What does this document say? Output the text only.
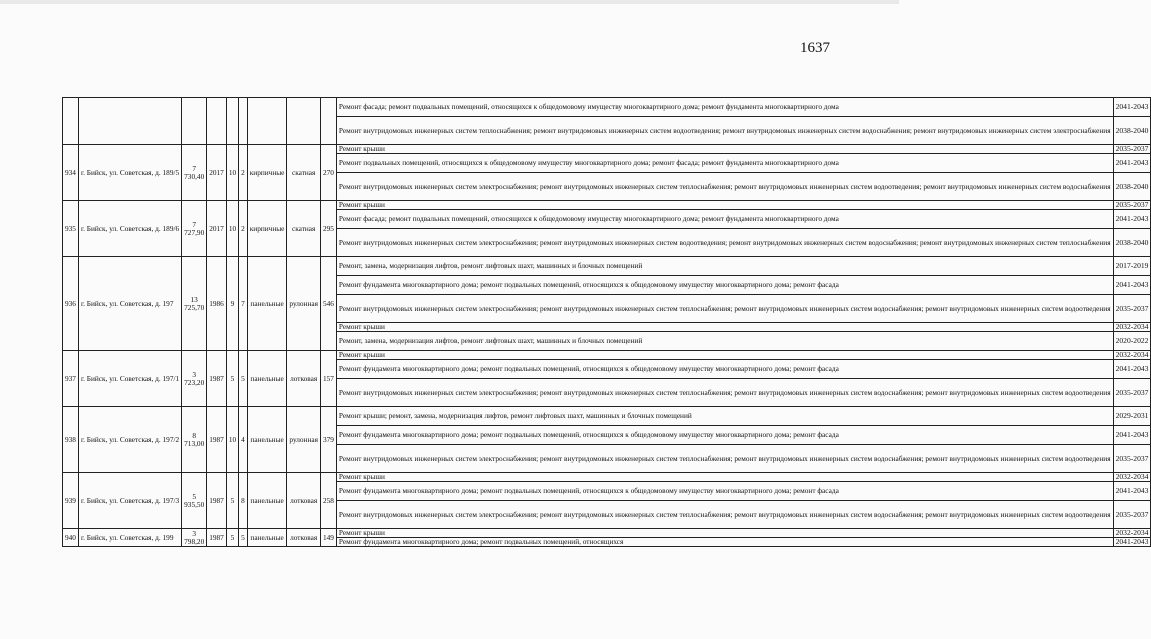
1637
									Ремонт фасада; ремонт подвальных помещений, относящихся к общедомовому имуществу многоквартирного дома; ремонт фундамента многоквартирного дома	2041-2043
									Ремонт внутридомовых инженерных систем теплоснабжения; ремонт внутридомовых инженерных систем водоотведения; ремонт внутридомовых инженерных систем водоснабжения; ремонт внутридомовых инженерных систем электроснабжения	2038-2040
934	г. Бийск, ул. Советская, д. 189/5	7 730,40	2017	10	2	кирпичные	скатная	270	Ремонт крыши	2035-2037
									Ремонт подвальных помещений, относящихся к общедомовому имуществу многоквартирного дома; ремонт фасада; ремонт фундамента многоквартирного дома	2041-2043
									Ремонт внутридомовых инженерных систем электроснабжения; ремонт внутридомовых инженерных систем теплоснабжения; ремонт внутридомовых инженерных систем водоотведения; ремонт внутридомовых инженерных систем водоснабжения	2038-2040
935	г. Бийск, ул. Советская, д. 189/6	7 727,90	2017	10	2	кирпичные	скатная	295	Ремонт крыши	2035-2037
									Ремонт фасада; ремонт подвальных помещений, относящихся к общедомовому имуществу многоквартирного дома; ремонт фундамента многоквартирного дома	2041-2043
									Ремонт внутридомовых инженерных систем электроснабжения; ремонт внутридомовых инженерных систем водоотведения; ремонт внутридомовых инженерных систем водоснабжения; ремонт внутридомовых инженерных систем теплоснабжения	2038-2040
936	г. Бийск, ул. Советская, д. 197	13 725,70	1986	9	7	панельные	рулонная	546	Ремонт, замена, модернизация лифтов, ремонт лифтовых шахт, машинных и блочных помещений	2017-2019
									Ремонт фундамента многоквартирного дома; ремонт подвальных помещений, относящихся к общедомовому имуществу многоквартирного дома; ремонт фасада	2041-2043
									Ремонт внутридомовых инженерных систем электроснабжения; ремонт внутридомовых инженерных систем теплоснабжения; ремонт внутридомовых инженерных систем водоснабжения; ремонт внутридомовых инженерных систем водоотведения	2035-2037
									Ремонт крыши	2032-2034
									Ремонт, замена, модернизация лифтов, ремонт лифтовых шахт, машинных и блочных помещений	2020-2022
937	г. Бийск, ул. Советская, д. 197/1	3 723,20	1987	5	5	панельные	лотковая	157	Ремонт крыши	2032-2034
									Ремонт фундамента многоквартирного дома; ремонт подвальных помещений, относящихся к общедомовому имуществу многоквартирного дома; ремонт фасада	2041-2043
									Ремонт внутридомовых инженерных систем электроснабжения; ремонт внутридомовых инженерных систем теплоснабжения; ремонт внутридомовых инженерных систем водоснабжения; ремонт внутридомовых инженерных систем водоотведения	2035-2037
938	г. Бийск, ул. Советская, д. 197/2	8 713,00	1987	10	4	панельные	рулонная	379	Ремонт крыши; ремонт, замена, модернизация лифтов, ремонт лифтовых шахт, машинных и блочных помещений	2029-2031
									Ремонт фундамента многоквартирного дома; ремонт подвальных помещений, относящихся к общедомовому имуществу многоквартирного дома; ремонт фасада	2041-2043
									Ремонт внутридомовых инженерных систем электроснабжения; ремонт внутридомовых инженерных систем теплоснабжения; ремонт внутридомовых инженерных систем водоснабжения; ремонт внутридомовых инженерных систем водоотведения	2035-2037
939	г. Бийск, ул. Советская, д. 197/3	5 935,50	1987	5	8	панельные	лотковая	258	Ремонт крыши	2032-2034
									Ремонт фундамента многоквартирного дома; ремонт подвальных помещений, относящихся к общедомовому имуществу многоквартирного дома; ремонт фасада	2041-2043
									Ремонт внутридомовых инженерных систем электроснабжения; ремонт внутридомовых инженерных систем теплоснабжения; ремонт внутридомовых инженерных систем водоснабжения; ремонт внутридомовых инженерных систем водоотведения	2035-2037
940	г. Бийск, ул. Советская, д. 199	3 798,20	1987	5	5	панельные	лотковая	149	Ремонт крыши	2032-2034
									Ремонт фундамента многоквартирного дома; ремонт подвальных помещений, относящихся	2041-2043
